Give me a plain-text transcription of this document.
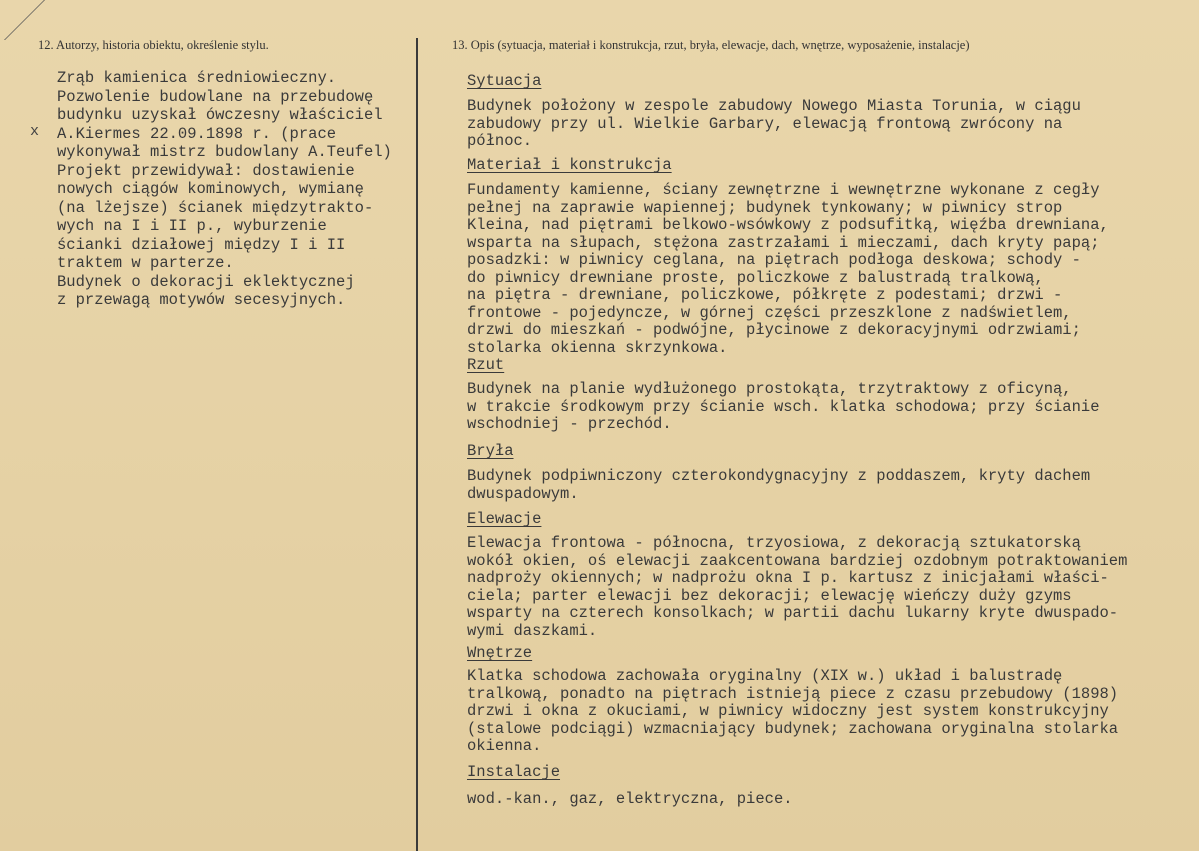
12. Autorzy, historia obiektu, określenie stylu.	13. Opis (sytuacja, materiał i konstrukcja, rzut, bryła, elewacje, dach, wnętrze, wyposażenie, instalacje)
x
Zrąb kamienica średniowieczny.
Pozwolenie budowlane na przebudowę
budynku uzyskał ówczesny właściciel
A.Kiermes 22.09.1898 r. (prace
wykonywał mistrz budowlany A.Teufel)
Projekt przewidywał: dostawienie
nowych ciągów kominowych, wymianę
(na lżejsze) ścianek międzytrakto-
wych na I i II p., wyburzenie
ścianki działowej między I i II
traktem w parterze.
Budynek o dekoracji eklektycznej
z przewagą motywów secesyjnych.
Sytuacja
Budynek położony w zespole zabudowy Nowego Miasta Torunia, w ciągu
zabudowy przy ul. Wielkie Garbary, elewacją frontową zwrócony na
północ.
Materiał i konstrukcja
Fundamenty kamienne, ściany zewnętrzne i wewnętrzne wykonane z cegły
pełnej na zaprawie wapiennej; budynek tynkowany; w piwnicy strop
Kleina, nad piętrami belkowo-wsówkowy z podsufitką, więźba drewniana,
wsparta na słupach, stężona zastrzałami i mieczami, dach kryty papą;
posadzki: w piwnicy ceglana, na piętrach podłoga deskowa; schody -
do piwnicy drewniane proste, policzkowe z balustradą tralkową,
na piętra - drewniane, policzkowe, półkręte z podestami; drzwi -
frontowe - pojedyncze, w górnej części przeszklone z nadświetlem,
drzwi do mieszkań - podwójne, płycinowe z dekoracyjnymi odrzwiami;
stolarka okienna skrzynkowa.
Rzut
Budynek na planie wydłużonego prostokąta, trzytraktowy z oficyną,
w trakcie środkowym przy ścianie wsch. klatka schodowa; przy ścianie
wschodniej - przechód.
Bryła
Budynek podpiwniczony czterokondygnacyjny z poddaszem, kryty dachem
dwuspadowym.
Elewacje
Elewacja frontowa - północna, trzyosiowa, z dekoracją sztukatorską
wokół okien, oś elewacji zaakcentowana bardziej ozdobnym potraktowaniem
nadproży okiennych; w nadprożu okna I p. kartusz z inicjałami właści-
ciela; parter elewacji bez dekoracji; elewację wieńczy duży gzyms
wsparty na czterech konsolkach; w partii dachu lukarny kryte dwuspado-
wymi daszkami.
Wnętrze
Klatka schodowa zachowała oryginalny (XIX w.) układ i balustradę
tralkową, ponadto na piętrach istnieją piece z czasu przebudowy (1898)
drzwi i okna z okuciami, w piwnicy widoczny jest system konstrukcyjny
(stalowe podciągi) wzmacniający budynek; zachowana oryginalna stolarka
okienna.
Instalacje
wod.-kan., gaz, elektryczna, piece.
